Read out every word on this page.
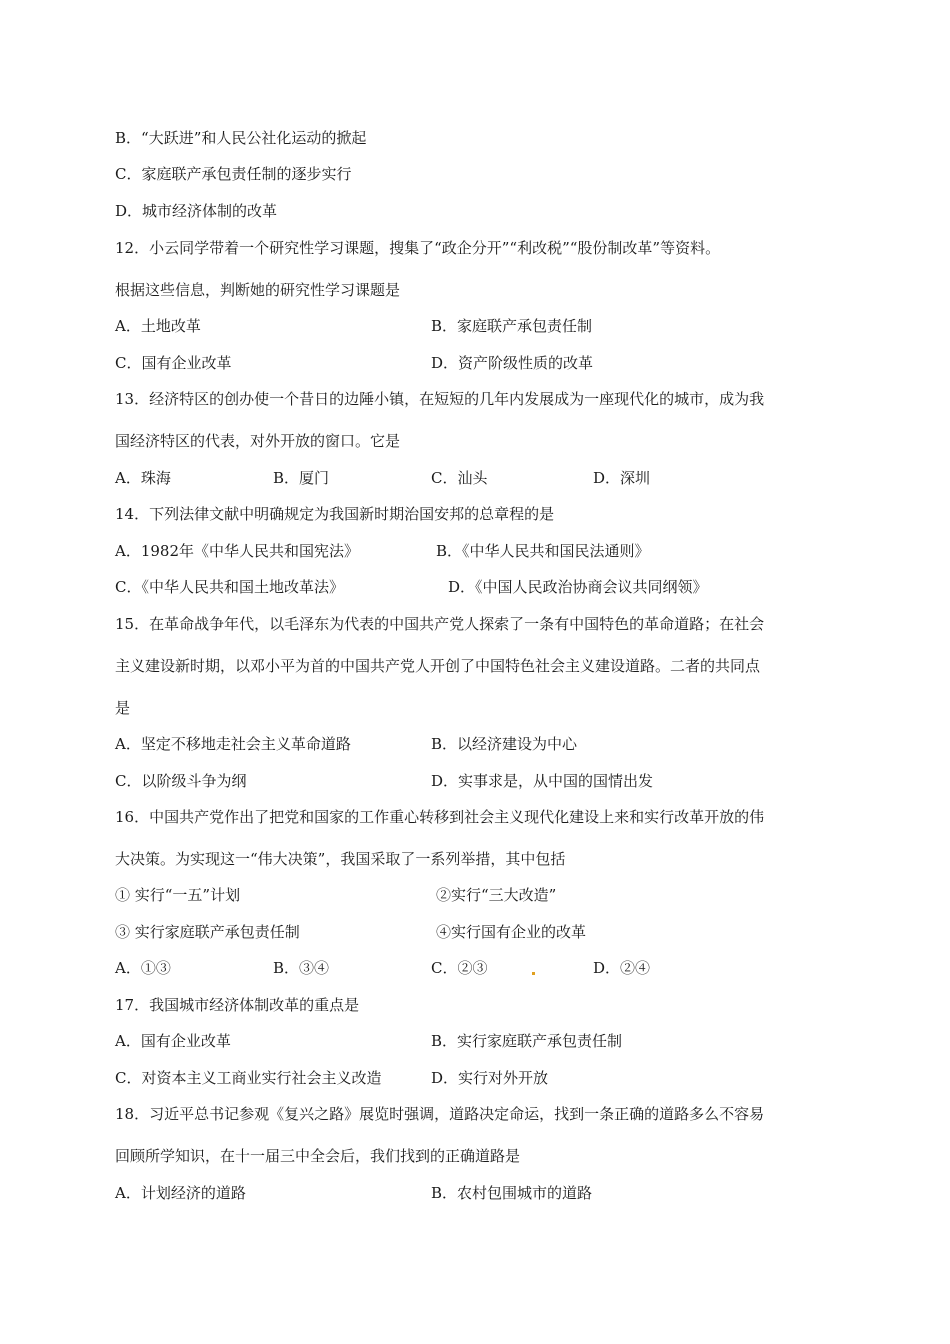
B．“大跃进”和人民公社化运动的掀起
C．家庭联产承包责任制的逐步实行
D．城市经济体制的改革
12．小云同学带着一个研究性学习课题，搜集了“政企分开”“利改税”“股份制改革”等资料。
根据这些信息，判断她的研究性学习课题是
A．土地改革	B．家庭联产承包责任制
C．国有企业改革	D．资产阶级性质的改革
13．经济特区的创办使一个昔日的边陲小镇，在短短的几年内发展成为一座现代化的城市，成为我
国经济特区的代表，对外开放的窗口。它是
A．珠海	B．厦门	C．汕头	D．深圳
14．下列法律文献中明确规定为我国新时期治国安邦的总章程的是
A．1982年《中华人民共和国宪法》	B．《中华人民共和国民法通则》
C．《中华人民共和国土地改革法》	D．《中国人民政治协商会议共同纲领》
15．在革命战争年代，以毛泽东为代表的中国共产党人探索了一条有中国特色的革命道路；在社会
主义建设新时期，以邓小平为首的中国共产党人开创了中国特色社会主义建设道路。二者的共同点
是
A．坚定不移地走社会主义革命道路	B．以经济建设为中心
C．以阶级斗争为纲	D．实事求是，从中国的国情出发
16．中国共产党作出了把党和国家的工作重心转移到社会主义现代化建设上来和实行改革开放的伟
大决策。为实现这一“伟大决策”，我国采取了一系列举措，其中包括
① 实行“一五”计划	②实行“三大改造”
③ 实行家庭联产承包责任制	④实行国有企业的改革
A．①③	B．③④	C．②③	D．②④
17．我国城市经济体制改革的重点是
A．国有企业改革	B．实行家庭联产承包责任制
C．对资本主义工商业实行社会主义改造	D．实行对外开放
18．习近平总书记参观《复兴之路》展览时强调，道路决定命运，找到一条正确的道路多么不容易
回顾所学知识，在十一届三中全会后，我们找到的正确道路是
A．计划经济的道路	B．农村包围城市的道路
